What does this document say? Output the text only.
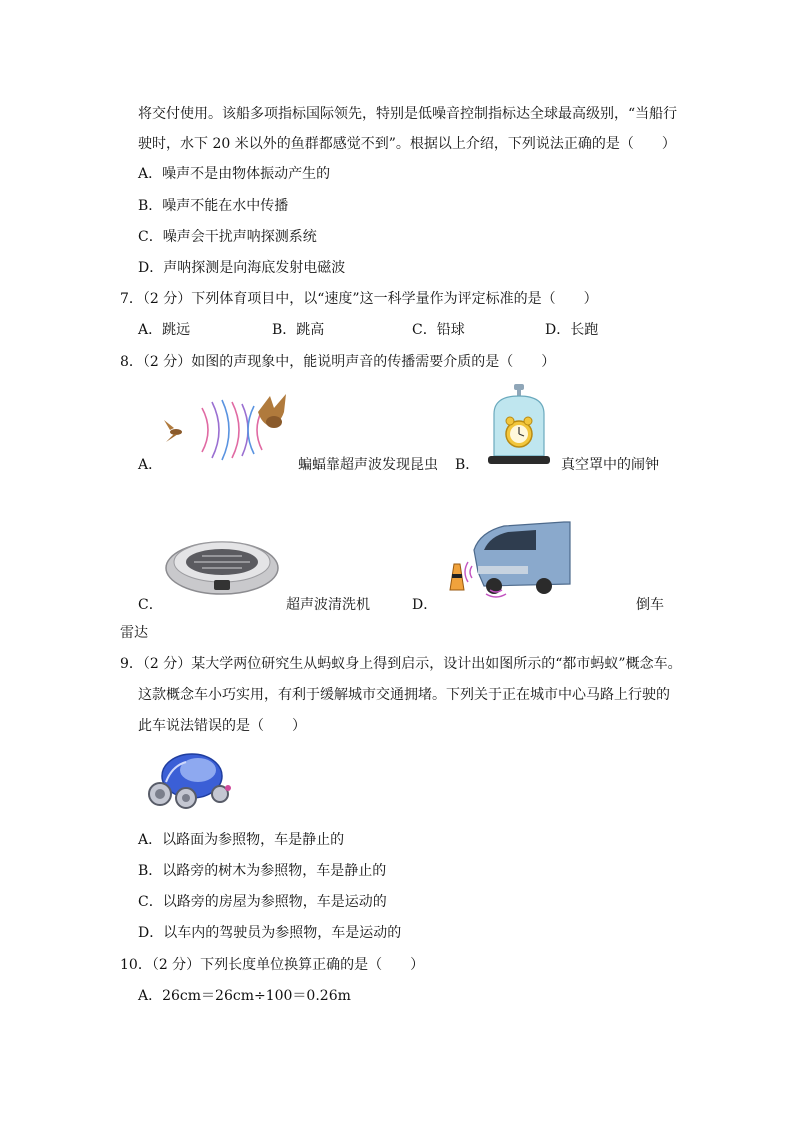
将交付使用。该船多项指标国际领先，特别是低噪音控制指标达全球最高级别，“当船行
驶时，水下 20 米以外的鱼群都感觉不到”。根据以上介绍，下列说法正确的是（　　）
A．噪声不是由物体振动产生的
B．噪声不能在水中传播
C．噪声会干扰声呐探测系统
D．声呐探测是向海底发射电磁波
7．（2 分）下列体育项目中，以“速度”这一科学量作为评定标准的是（　　）
A．跳远	B．跳高	C．铅球	D．长跑
8．（2 分）如图的声现象中，能说明声音的传播需要介质的是（　　）
A．	蝙蝠靠超声波发现昆虫 B．	真空罩中的闹钟
C．	超声波清洗机	D．	倒车
雷达
9．（2 分）某大学两位研究生从蚂蚁身上得到启示，设计出如图所示的“都市蚂蚁”概念车。
这款概念车小巧实用，有利于缓解城市交通拥堵。下列关于正在城市中心马路上行驶的
此车说法错误的是（　　）
A．以路面为参照物，车是静止的
B．以路旁的树木为参照物，车是静止的
C．以路旁的房屋为参照物，车是运动的
D．以车内的驾驶员为参照物，车是运动的
10．（2 分）下列长度单位换算正确的是（　　）
A．26cm＝26cm÷100＝0.26m
